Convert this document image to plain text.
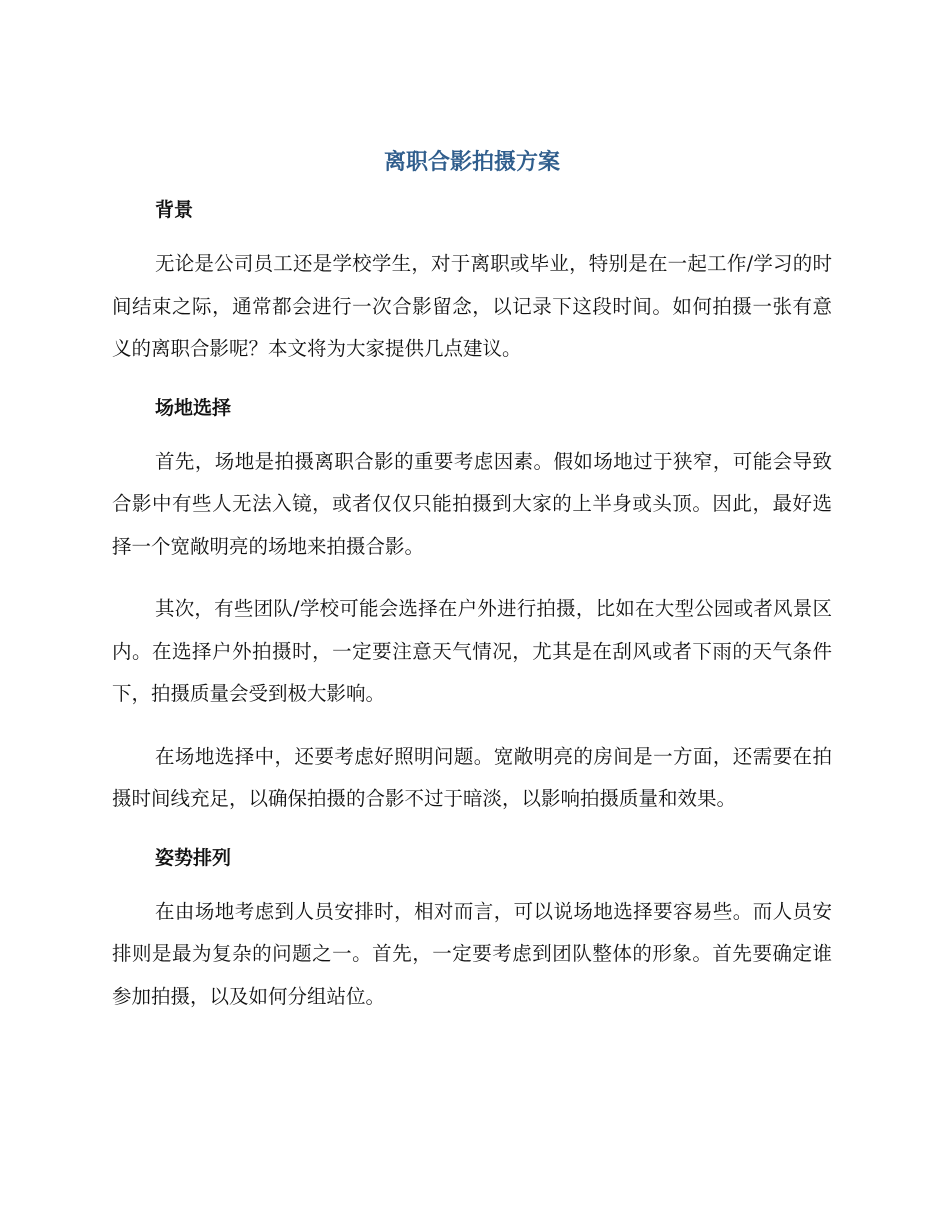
离职合影拍摄方案
背景

无论是公司员工还是学校学生，对于离职或毕业，特别是在一起工作/学习的时间结束之际，通常都会进行一次合影留念，以记录下这段时间。如何拍摄一张有意义的离职合影呢？本文将为大家提供几点建议。

场地选择

首先，场地是拍摄离职合影的重要考虑因素。假如场地过于狭窄，可能会导致合影中有些人无法入镜，或者仅仅只能拍摄到大家的上半身或头顶。因此，最好选择一个宽敞明亮的场地来拍摄合影。

其次，有些团队/学校可能会选择在户外进行拍摄，比如在大型公园或者风景区内。在选择户外拍摄时，一定要注意天气情况，尤其是在刮风或者下雨的天气条件下，拍摄质量会受到极大影响。

在场地选择中，还要考虑好照明问题。宽敞明亮的房间是一方面，还需要在拍摄时间线充足，以确保拍摄的合影不过于暗淡，以影响拍摄质量和效果。

姿势排列

在由场地考虑到人员安排时，相对而言，可以说场地选择要容易些。而人员安排则是最为复杂的问题之一。首先，一定要考虑到团队整体的形象。首先要确定谁参加拍摄，以及如何分组站位。
